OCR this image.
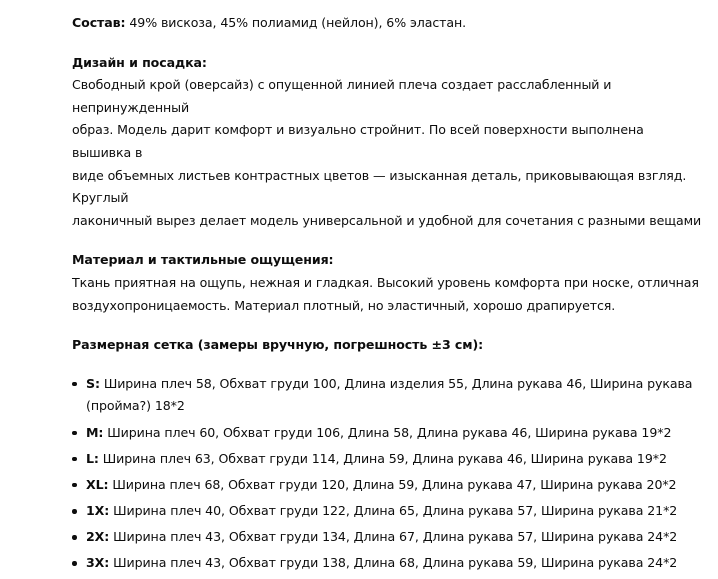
Состав: 49% вискоза, 45% полиамид (нейлон), 6% эластан.

Дизайн и посадка:

Свободный крой (оверсайз) с опущенной линией плеча создает расслабленный и непринужденный
образ. Модель дарит комфорт и визуально стройнит. По всей поверхности выполнена вышивка в
виде объемных листьев контрастных цветов — изысканная деталь, приковывающая взгляд. Круглый
лаконичный вырез делает модель универсальной и удобной для сочетания с разными вещами

Материал и тактильные ощущения:

Ткань приятная на ощупь, нежная и гладкая. Высокий уровень комфорта при носке, отличная
воздухопроницаемость. Материал плотный, но эластичный, хорошо драпируется.

Размерная сетка (замеры вручную, погрешность ±3 см):

S: Ширина плеч 58, Обхват груди 100, Длина изделия 55, Длина рукава 46, Ширина рукава
(пройма?) 18*2
M: Ширина плеч 60, Обхват груди 106, Длина 58, Длина рукава 46, Ширина рукава 19*2
L: Ширина плеч 63, Обхват груди 114, Длина 59, Длина рукава 46, Ширина рукава 19*2
XL: Ширина плеч 68, Обхват груди 120, Длина 59, Длина рукава 47, Ширина рукава 20*2
1X: Ширина плеч 40, Обхват груди 122, Длина 65, Длина рукава 57, Ширина рукава 21*2
2X: Ширина плеч 43, Обхват груди 134, Длина 67, Длина рукава 57, Ширина рукава 24*2
3X: Ширина плеч 43, Обхват груди 138, Длина 68, Длина рукава 59, Ширина рукава 24*2
